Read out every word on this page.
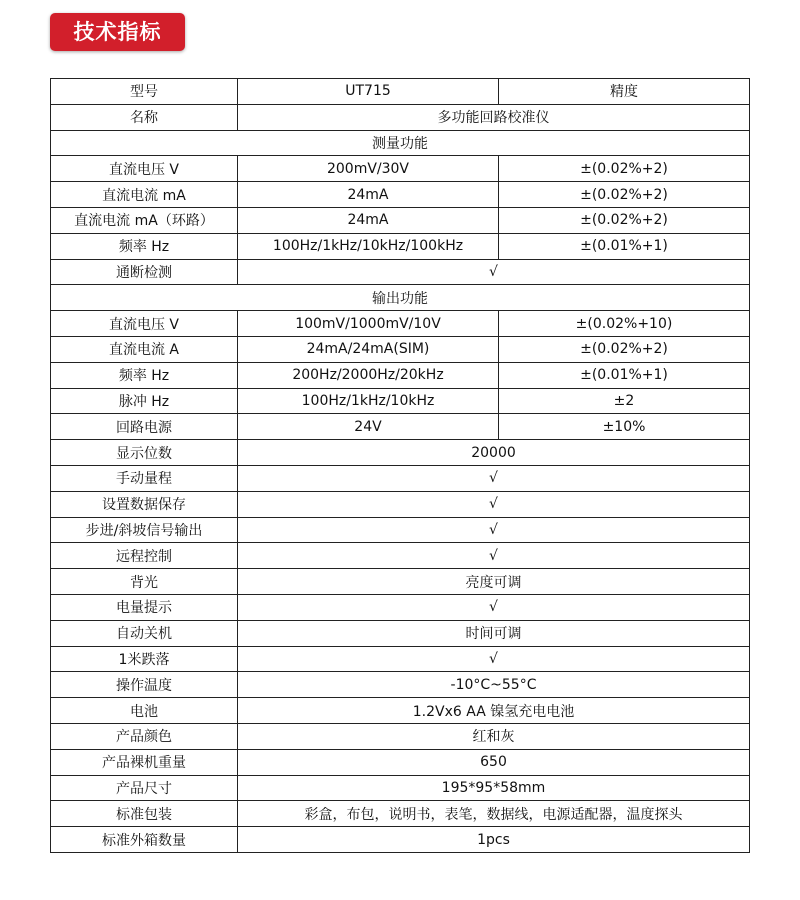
技术指标
型号	UT715	精度
名称	多功能回路校准仪	
测量功能		
直流电压 V	200mV/30V	±(0.02%+2)
直流电流 mA	24mA	±(0.02%+2)
直流电流 mA（环路）	24mA	±(0.02%+2)
频率 Hz	100Hz/1kHz/10kHz/100kHz	±(0.01%+1)
通断检测	√	
输出功能		
直流电压 V	100mV/1000mV/10V	±(0.02%+10)
直流电流 A	24mA/24mA(SIM)	±(0.02%+2)
频率 Hz	200Hz/2000Hz/20kHz	±(0.01%+1)
脉冲 Hz	100Hz/1kHz/10kHz	±2
回路电源	24V	±10%
显示位数	20000	
手动量程	√	
设置数据保存	√	
步进/斜坡信号输出	√	
远程控制	√	
背光	亮度可调	
电量提示	√	
自动关机	时间可调	
1米跌落	√	
操作温度	-10°C~55°C	
电池	1.2Vx6 AA 镍氢充电电池	
产品颜色	红和灰	
产品裸机重量	650	
产品尺寸	195*95*58mm	
标准包装	彩盒，布包，说明书，表笔，数据线，电源适配器，温度探头	
标准外箱数量	1pcs	
